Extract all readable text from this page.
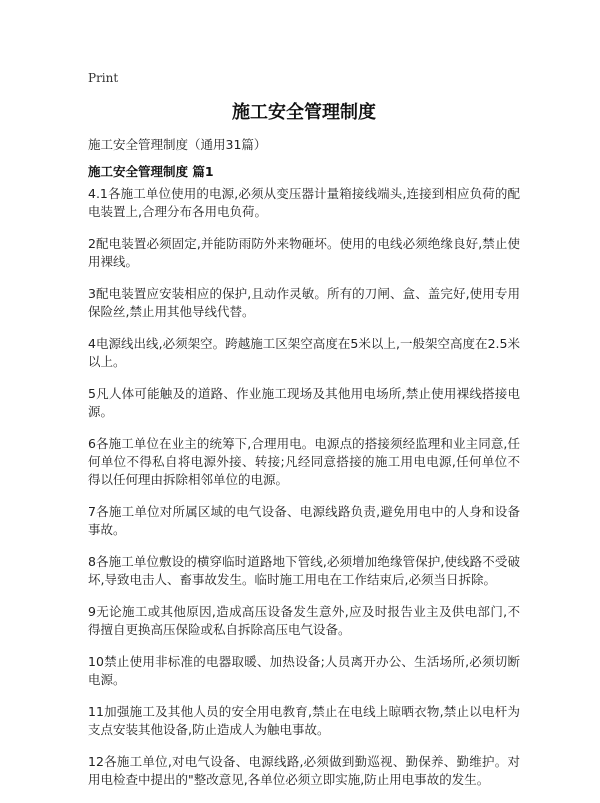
Print
施工安全管理制度
施工安全管理制度（通用31篇）
施工安全管理制度 篇1

4.1各施工单位使用的电源,必须从变压器计量箱接线端头,连接到相应负荷的配电装置上,合理分布各用电负荷。

2配电装置必须固定,并能防雨防外来物砸坏。使用的电线必须绝缘良好,禁止使用裸线。

3配电装置应安装相应的保护,且动作灵敏。所有的刀闸、盒、盖完好,使用专用保险丝,禁止用其他导线代替。

4电源线出线,必须架空。跨越施工区架空高度在5米以上,一般架空高度在2.5米以上。

5凡人体可能触及的道路、作业施工现场及其他用电场所,禁止使用裸线搭接电源。

6各施工单位在业主的统筹下,合理用电。电源点的搭接须经监理和业主同意,任何单位不得私自将电源外接、转接;凡经同意搭接的施工用电电源,任何单位不得以任何理由拆除相邻单位的电源。

7各施工单位对所属区域的电气设备、电源线路负责,避免用电中的人身和设备事故。

8各施工单位敷设的横穿临时道路地下管线,必须增加绝缘管保护,使线路不受破坏,导致电击人、畜事故发生。临时施工用电在工作结束后,必须当日拆除。

9无论施工或其他原因,造成高压设备发生意外,应及时报告业主及供电部门,不得擅自更换高压保险或私自拆除高压电气设备。

10禁止使用非标准的电器取暖、加热设备;人员离开办公、生活场所,必须切断电源。

11加强施工及其他人员的安全用电教育,禁止在电线上晾晒衣物,禁止以电杆为支点安装其他设备,防止造成人为触电事故。

12各施工单位,对电气设备、电源线路,必须做到勤巡视、勤保养、勤维护。对用电检查中提出的"整改意见,各单位必须立即实施,防止用电事故的发生。
